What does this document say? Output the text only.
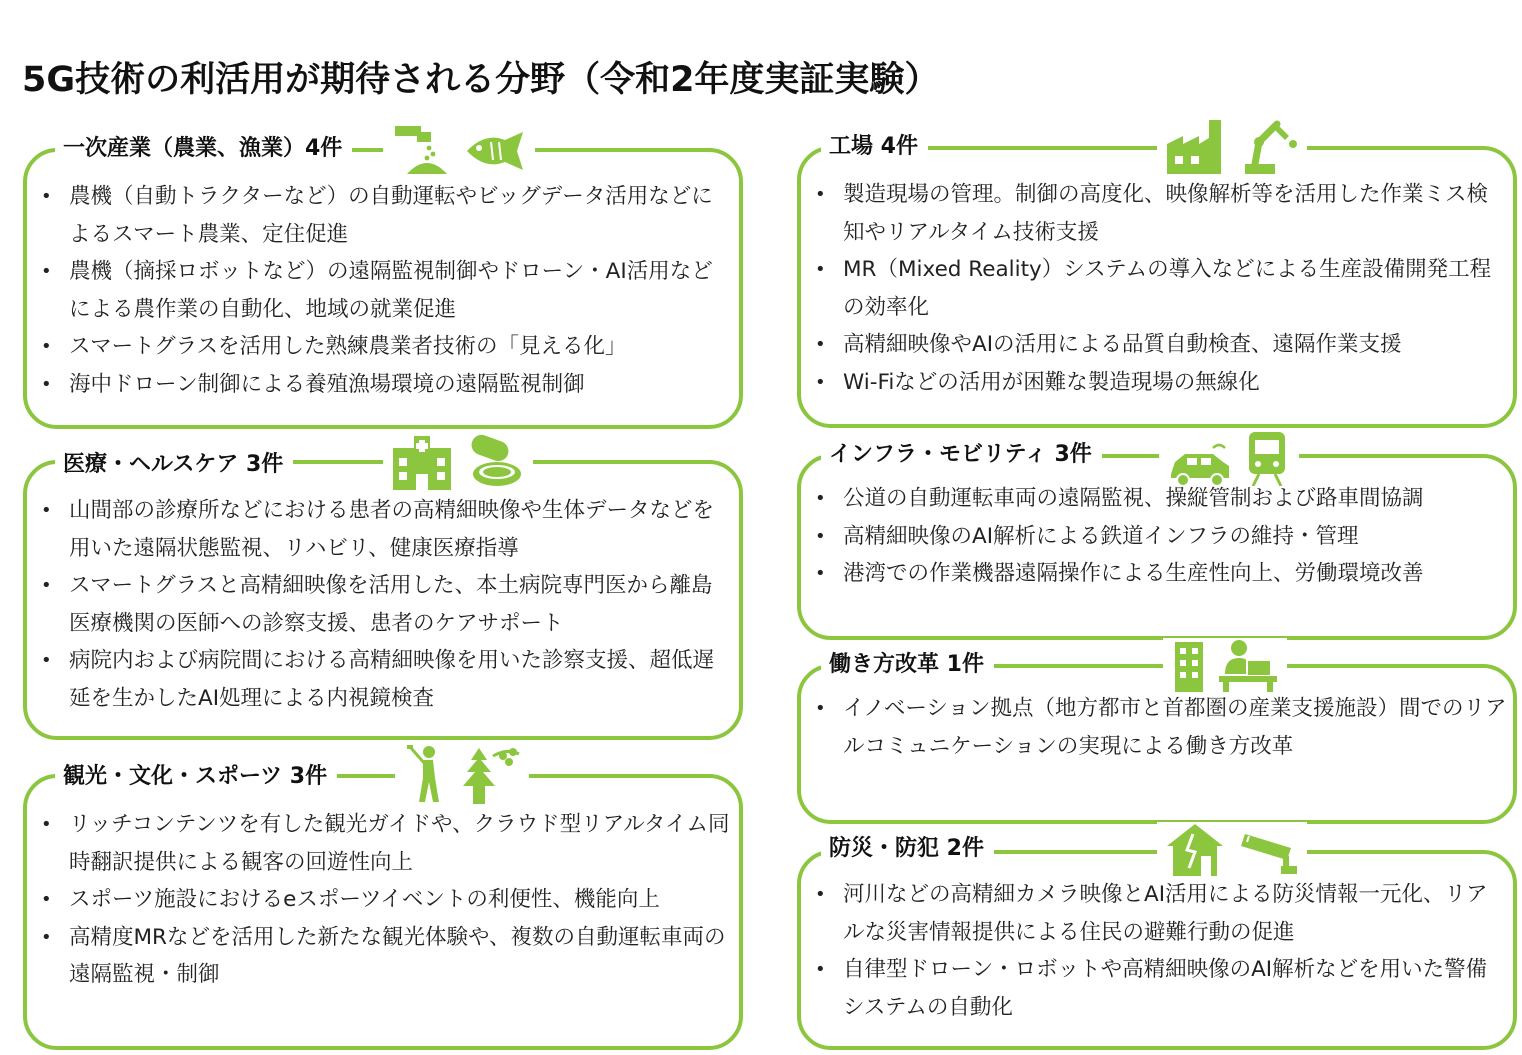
5G技術の利活用が期待される分野（令和2年度実証実験）
一次産業（農業、漁業）4件
• 農機（自動トラクターなど）の自動運転やビッグデータ活用などによるスマート農業、定住促進
• 農機（摘採ロボットなど）の遠隔監視制御やドローン・AI活用などによる農作業の自動化、地域の就業促進
• スマートグラスを活用した熟練農業者技術の「見える化」
• 海中ドローン制御による養殖漁場環境の遠隔監視制御
医療・ヘルスケア 3件
• 山間部の診療所などにおける患者の高精細映像や生体データなどを用いた遠隔状態監視、リハビリ、健康医療指導
• スマートグラスと高精細映像を活用した、本土病院専門医から離島医療機関の医師への診察支援、患者のケアサポート
• 病院内および病院間における高精細映像を用いた診察支援、超低遅延を生かしたAI処理による内視鏡検査
観光・文化・スポーツ 3件
• リッチコンテンツを有した観光ガイドや、クラウド型リアルタイム同時翻訳提供による観客の回遊性向上
• スポーツ施設におけるeスポーツイベントの利便性、機能向上
• 高精度MRなどを活用した新たな観光体験や、複数の自動運転車両の遠隔監視・制御
工場 4件
• 製造現場の管理。制御の高度化、映像解析等を活用した作業ミス検知やリアルタイム技術支援
• MR（Mixed Reality）システムの導入などによる生産設備開発工程の効率化
• 高精細映像やAIの活用による品質自動検査、遠隔作業支援
• Wi-Fiなどの活用が困難な製造現場の無線化
インフラ・モビリティ 3件
• 公道の自動運転車両の遠隔監視、操縦管制および路車間協調
• 高精細映像のAI解析による鉄道インフラの維持・管理
• 港湾での作業機器遠隔操作による生産性向上、労働環境改善
働き方改革 1件
• イノベーション拠点（地方都市と首都圏の産業支援施設）間でのリアルコミュニケーションの実現による働き方改革
防災・防犯 2件
• 河川などの高精細カメラ映像とAI活用による防災情報一元化、リアルな災害情報提供による住民の避難行動の促進
• 自律型ドローン・ロボットや高精細映像のAI解析などを用いた警備システムの自動化
